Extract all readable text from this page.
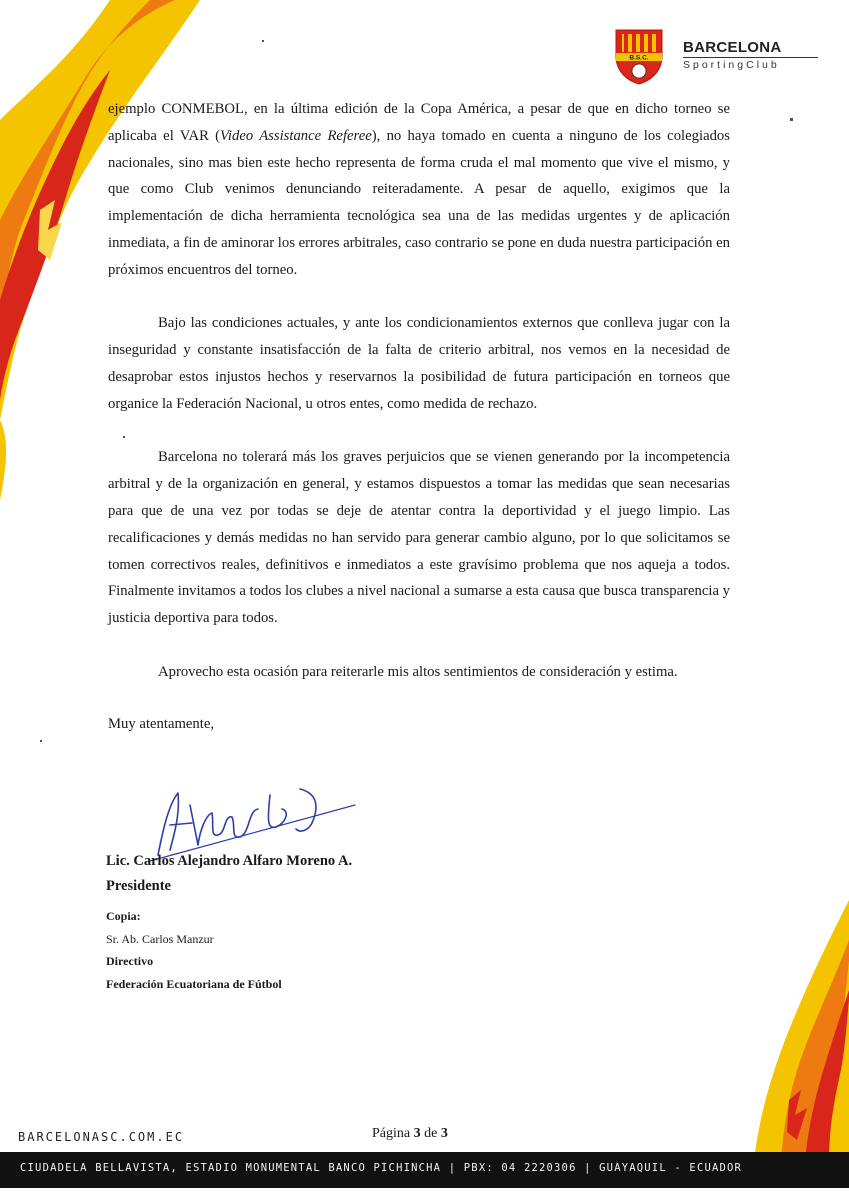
B.S.C.
BARCELONA
SportingClub

ejemplo CONMEBOL, en la última edición de la Copa América, a pesar de que en dicho torneo se aplicaba el VAR (Video Assistance Referee), no haya tomado en cuenta a ninguno de los colegiados nacionales, sino mas bien este hecho representa de forma cruda el mal momento que vive el mismo, y que como Club venimos denunciando reiteradamente. A pesar de aquello, exigimos que la implementación de dicha herramienta tecnológica sea una de las medidas urgentes y de aplicación inmediata, a fin de aminorar los errores arbitrales, caso contrario se pone en duda nuestra participación en próximos encuentros del torneo.

Bajo las condiciones actuales, y ante los condicionamientos externos que conlleva jugar con la inseguridad y constante insatisfacción de la falta de criterio arbitral, nos vemos en la necesidad de desaprobar estos injustos hechos y reservarnos la posibilidad de futura participación en torneos que organice la Federación Nacional, u otros entes, como medida de rechazo.

Barcelona no tolerará más los graves perjuicios que se vienen generando por la incompetencia arbitral y de la organización en general, y estamos dispuestos a tomar las medidas que sean necesarias para que de una vez por todas se deje de atentar contra la deportividad y el juego limpio. Las recalificaciones y demás medidas no han servido para generar cambio alguno, por lo que solicitamos se tomen correctivos reales, definitivos e inmediatos a este gravísimo problema que nos aqueja a todos. Finalmente invitamos a todos los clubes a nivel nacional a sumarse a esta causa que busca transparencia y justicia deportiva para todos.

Aprovecho esta ocasión para reiterarle mis altos sentimientos de consideración y estima.

Muy atentamente,
Lic. Carlos Alejandro Alfaro Moreno A.
Presidente
Copia:
Sr. Ab. Carlos Manzur
Directivo
Federación Ecuatoriana de Fútbol
BARCELONASC.COM.EC	Página 3 de 3
CIUDADELA BELLAVISTA, ESTADIO MONUMENTAL BANCO PICHINCHA | PBX: 04 2220306 | GUAYAQUIL - ECUADOR
